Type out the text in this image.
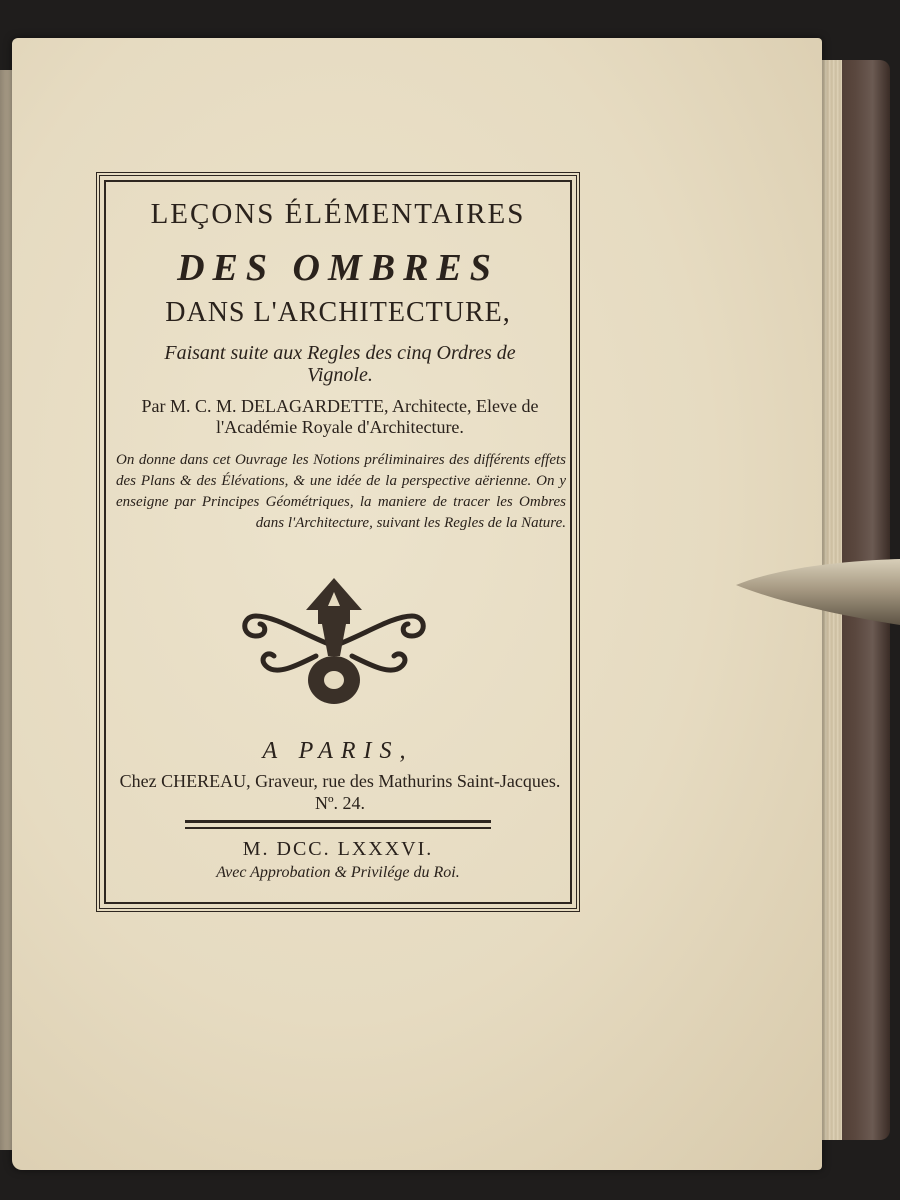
LEÇONS ÉLÉMENTAIRES
DES OMBRES
DANS L'ARCHITECTURE,
Faisant suite aux Regles des cinq Ordres de Vignole.
Par M. C. M. DELAGARDETTE, Architecte, Eleve de l'Académie Royale d'Architecture.
On donne dans cet Ouvrage les Notions préliminaires des différents effets des Plans & des Élévations, & une idée de la perspective aërienne. On y enseigne par Principes Géométriques, la maniere de tracer les Ombres dans l'Architecture, suivant les Regles de la Nature.
A PARIS,
Chez CHEREAU, Graveur, rue des Mathurins Saint-Jacques. Nº. 24.
M. DCC. LXXXVI.
Avec Approbation & Privilége du Roi.
